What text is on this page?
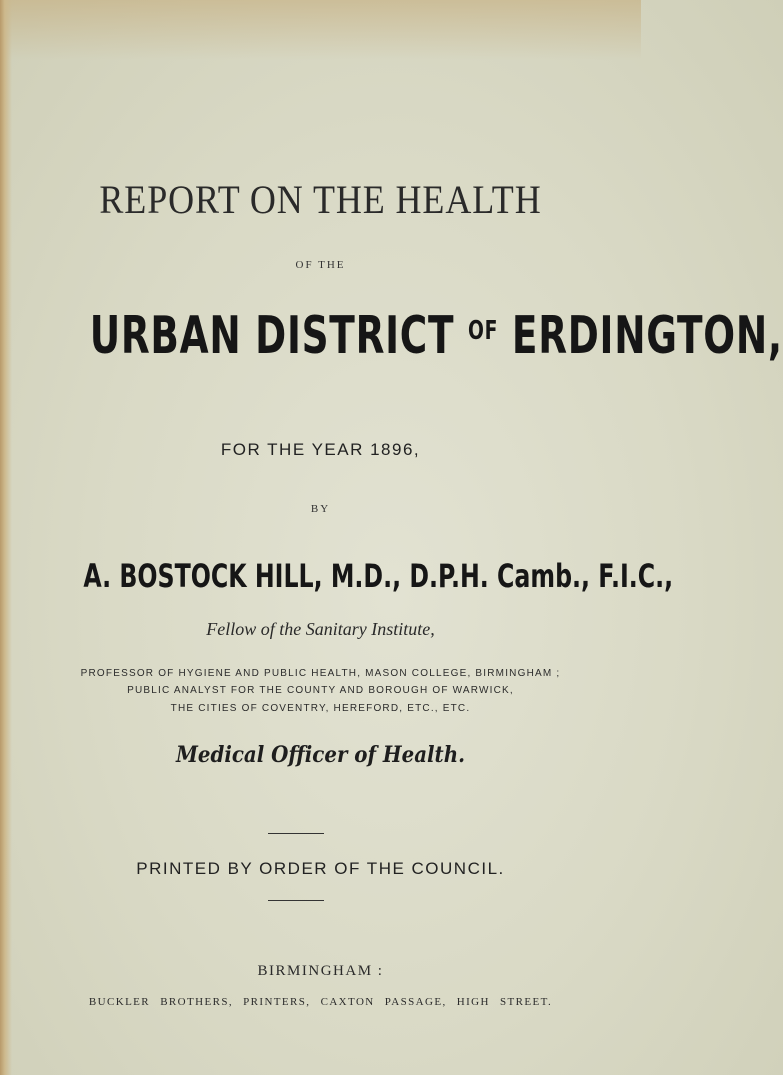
REPORT ON THE HEALTH
OF THE
URBAN DISTRICT $^{OF}$ ERDINGTON,
FOR THE YEAR 1896,
BY
A. BOSTOCK HILL, M.D., D.P.H. Camb., F.I.C.,
Fellow of the Sanitary Institute,
PROFESSOR OF HYGIENE AND PUBLIC HEALTH, MASON COLLEGE, BIRMINGHAM ;
PUBLIC ANALYST FOR THE COUNTY AND BOROUGH OF WARWICK,
THE CITIES OF COVENTRY, HEREFORD, ETC., ETC.
Medical Officer of Health.
PRINTED BY ORDER OF THE COUNCIL.
BIRMINGHAM :
BUCKLER BROTHERS, PRINTERS, CAXTON PASSAGE, HIGH STREET.
